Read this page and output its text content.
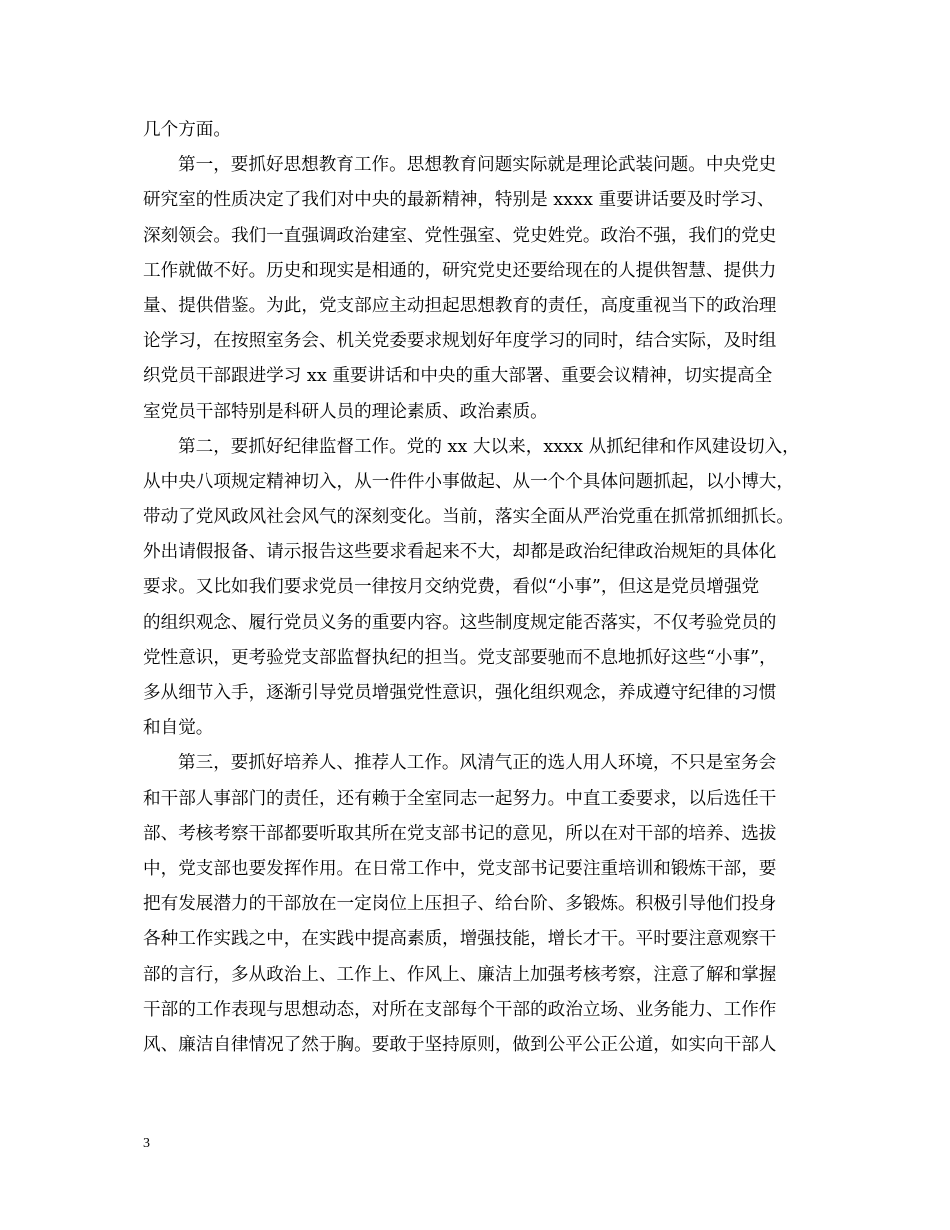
几个方面。
第一，要抓好思想教育工作。思想教育问题实际就是理论武装问题。中央党史
研究室的性质决定了我们对中央的最新精神，特别是 xxxx 重要讲话要及时学习、
深刻领会。我们一直强调政治建室、党性强室、党史姓党。政治不强，我们的党史
工作就做不好。历史和现实是相通的，研究党史还要给现在的人提供智慧、提供力
量、提供借鉴。为此，党支部应主动担起思想教育的责任，高度重视当下的政治理
论学习，在按照室务会、机关党委要求规划好年度学习的同时，结合实际，及时组
织党员干部跟进学习 xx 重要讲话和中央的重大部署、重要会议精神，切实提高全
室党员干部特别是科研人员的理论素质、政治素质。
第二，要抓好纪律监督工作。党的 xx 大以来，xxxx 从抓纪律和作风建设切入，
从中央八项规定精神切入，从一件件小事做起、从一个个具体问题抓起，以小博大，
带动了党风政风社会风气的深刻变化。当前，落实全面从严治党重在抓常抓细抓长。
外出请假报备、请示报告这些要求看起来不大，却都是政治纪律政治规矩的具体化
要求。又比如我们要求党员一律按月交纳党费，看似“小事”，但这是党员增强党
的组织观念、履行党员义务的重要内容。这些制度规定能否落实，不仅考验党员的
党性意识，更考验党支部监督执纪的担当。党支部要驰而不息地抓好这些“小事”，
多从细节入手，逐渐引导党员增强党性意识，强化组织观念，养成遵守纪律的习惯
和自觉。
第三，要抓好培养人、推荐人工作。风清气正的选人用人环境，不只是室务会
和干部人事部门的责任，还有赖于全室同志一起努力。中直工委要求，以后选任干
部、考核考察干部都要听取其所在党支部书记的意见，所以在对干部的培养、选拔
中，党支部也要发挥作用。在日常工作中，党支部书记要注重培训和锻炼干部，要
把有发展潜力的干部放在一定岗位上压担子、给台阶、多锻炼。积极引导他们投身
各种工作实践之中，在实践中提高素质，增强技能，增长才干。平时要注意观察干
部的言行，多从政治上、工作上、作风上、廉洁上加强考核考察，注意了解和掌握
干部的工作表现与思想动态，对所在支部每个干部的政治立场、业务能力、工作作
风、廉洁自律情况了然于胸。要敢于坚持原则，做到公平公正公道，如实向干部人
3
